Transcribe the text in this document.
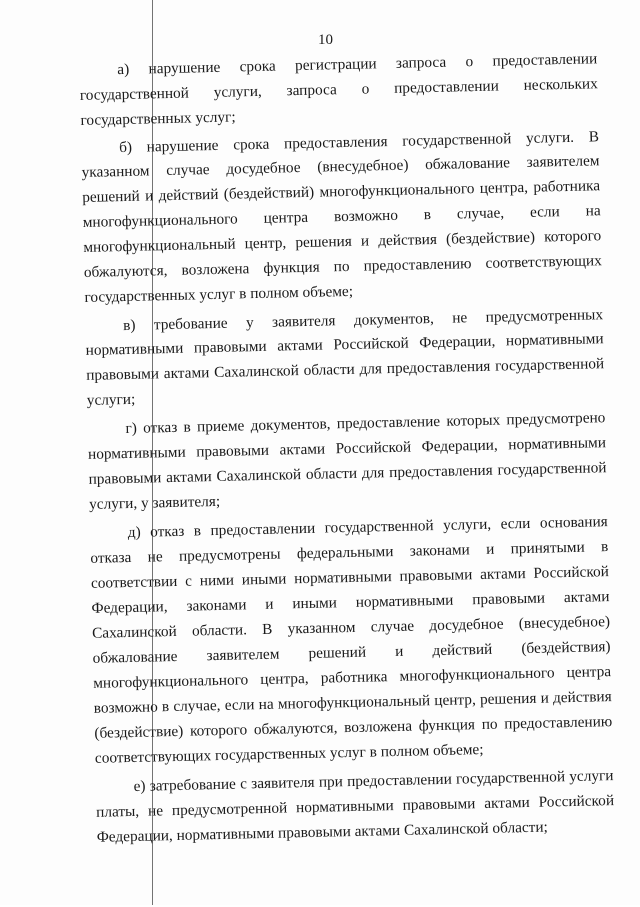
10
а) нарушение срока регистрации запроса о предоставлении
государственной услуги, запроса о предоставлении нескольких
государственных услуг;
б) нарушение срока предоставления государственной услуги. В
указанном случае досудебное (внесудебное) обжалование заявителем
решений и действий (бездействий) многофункционального центра, работника
многофункционального центра возможно в случае, если на
многофункциональный центр, решения и действия (бездействие) которого
обжалуются, возложена функция по предоставлению соответствующих
государственных услуг в полном объеме;
в) требование у заявителя документов, не предусмотренных
нормативными правовыми актами Российской Федерации, нормативными
правовыми актами Сахалинской области для предоставления государственной
услуги;
г) отказ в приеме документов, предоставление которых предусмотрено
нормативными правовыми актами Российской Федерации, нормативными
правовыми актами Сахалинской области для предоставления государственной
услуги, у заявителя;
д) отказ в предоставлении государственной услуги, если основания
отказа не предусмотрены федеральными законами и принятыми в
соответствии с ними иными нормативными правовыми актами Российской
Федерации, законами и иными нормативными правовыми актами
Сахалинской области. В указанном случае досудебное (внесудебное)
обжалование заявителем решений и действий (бездействия)
многофункционального центра, работника многофункционального центра
возможно в случае, если на многофункциональный центр, решения и действия
(бездействие) которого обжалуются, возложена функция по предоставлению
соответствующих государственных услуг в полном объеме;
е) затребование с заявителя при предоставлении государственной услуги
платы, не предусмотренной нормативными правовыми актами Российской
Федерации, нормативными правовыми актами Сахалинской области;
